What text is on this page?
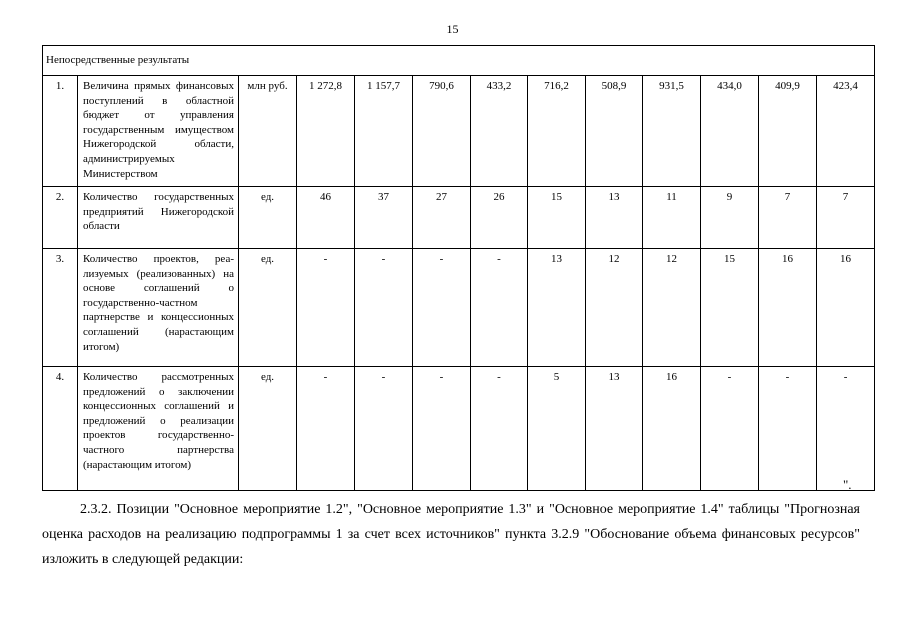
15
Непосредственные результаты												
1.	Величина прямых финансовых поступлений в областной бюджет от управления государственным имуществом Нижегородской области, администрируемых Министерством	млн руб.	1 272,8	1 157,7	790,6	433,2	716,2	508,9	931,5	434,0	409,9	423,4
2.	Количество государственных предприятий Нижегородской области	ед.	46	37	27	26	15	13	11	9	7	7
3.	Количество проектов, реализуемых (реализованных) на основе соглашений о государственно-частном партнерстве и концессионных соглашений (нарастающим итогом)	ед.	-	-	-	-	13	12	12	15	16	16
4.	Количество рассмотренных предложений о заключении концессионных соглашений и предложений о реализации проектов государственно-частного партнерства (нарастающим итогом)	ед.	-	-	-	-	5	13	16	-	-	-
".

2.3.2. Позиции "Основное мероприятие 1.2", "Основное мероприятие 1.3" и "Основное мероприятие 1.4" таблицы "Прогнозная оценка расходов на реализацию подпрограммы 1 за счет всех источников" пункта 3.2.9 "Обоснование объема финансовых ресурсов" изложить в следующей редакции:
